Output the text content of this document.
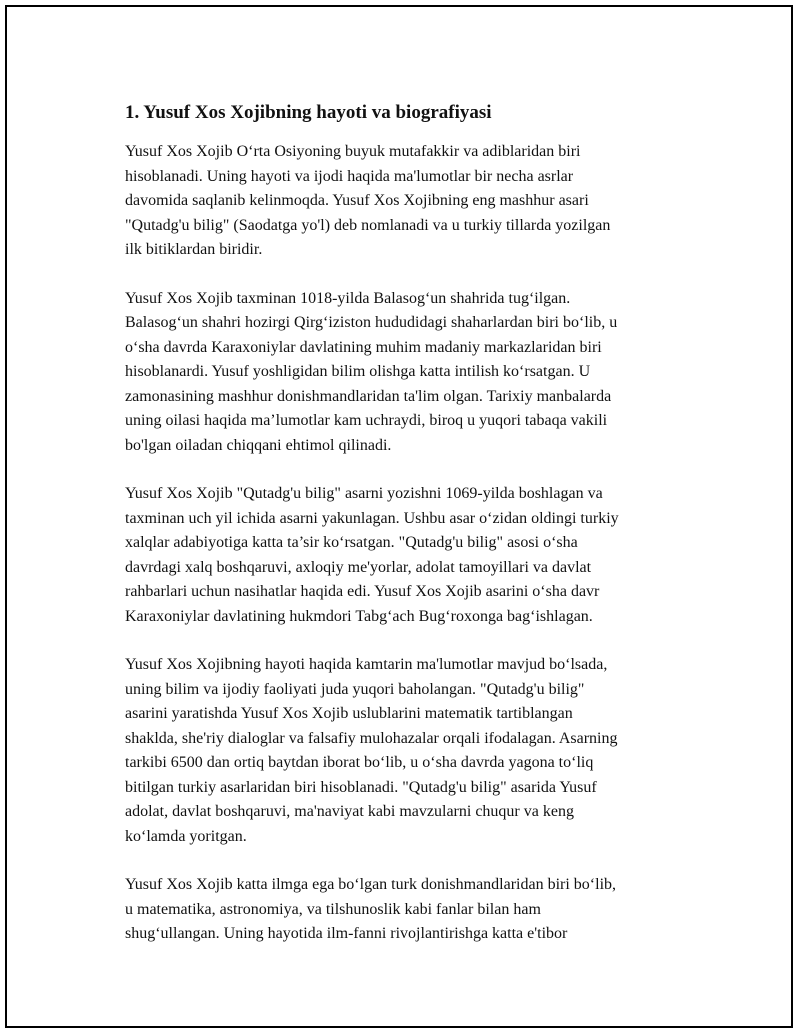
1. Yusuf Xos Xojibning hayoti va biografiyasi

Yusuf Xos Xojib O‘rta Osiyoning buyuk mutafakkir va adiblaridan biri
hisoblanadi. Uning hayoti va ijodi haqida ma'lumotlar bir necha asrlar
davomida saqlanib kelinmoqda. Yusuf Xos Xojibning eng mashhur asari
"Qutadg'u bilig" (Saodatga yo'l) deb nomlanadi va u turkiy tillarda yozilgan
ilk bitiklardan biridir.

Yusuf Xos Xojib taxminan 1018-yilda Balasog‘un shahrida tug‘ilgan.
Balasog‘un shahri hozirgi Qirg‘iziston hududidagi shaharlardan biri bo‘lib, u
o‘sha davrda Karaxoniylar davlatining muhim madaniy markazlaridan biri
hisoblanardi. Yusuf yoshligidan bilim olishga katta intilish ko‘rsatgan. U
zamonasining mashhur donishmandlaridan ta'lim olgan. Tarixiy manbalarda
uning oilasi haqida ma’lumotlar kam uchraydi, biroq u yuqori tabaqa vakili
bo'lgan oiladan chiqqani ehtimol qilinadi.

Yusuf Xos Xojib "Qutadg'u bilig" asarni yozishni 1069-yilda boshlagan va
taxminan uch yil ichida asarni yakunlagan. Ushbu asar o‘zidan oldingi turkiy
xalqlar adabiyotiga katta ta’sir ko‘rsatgan. "Qutadg'u bilig" asosi o‘sha
davrdagi xalq boshqaruvi, axloqiy me'yorlar, adolat tamoyillari va davlat
rahbarlari uchun nasihatlar haqida edi. Yusuf Xos Xojib asarini o‘sha davr
Karaxoniylar davlatining hukmdori Tabg‘ach Bug‘roxonga bag‘ishlagan.

Yusuf Xos Xojibning hayoti haqida kamtarin ma'lumotlar mavjud bo‘lsada,
uning bilim va ijodiy faoliyati juda yuqori baholangan. "Qutadg'u bilig"
asarini yaratishda Yusuf Xos Xojib uslublarini matematik tartiblangan
shaklda, she'riy dialoglar va falsafiy mulohazalar orqali ifodalagan. Asarning
tarkibi 6500 dan ortiq baytdan iborat bo‘lib, u o‘sha davrda yagona to‘liq
bitilgan turkiy asarlaridan biri hisoblanadi. "Qutadg'u bilig" asarida Yusuf
adolat, davlat boshqaruvi, ma'naviyat kabi mavzularni chuqur va keng
ko‘lamda yoritgan.

Yusuf Xos Xojib katta ilmga ega bo‘lgan turk donishmandlaridan biri bo‘lib,
u matematika, astronomiya, va tilshunoslik kabi fanlar bilan ham
shug‘ullangan. Uning hayotida ilm-fanni rivojlantirishga katta e'tibor
